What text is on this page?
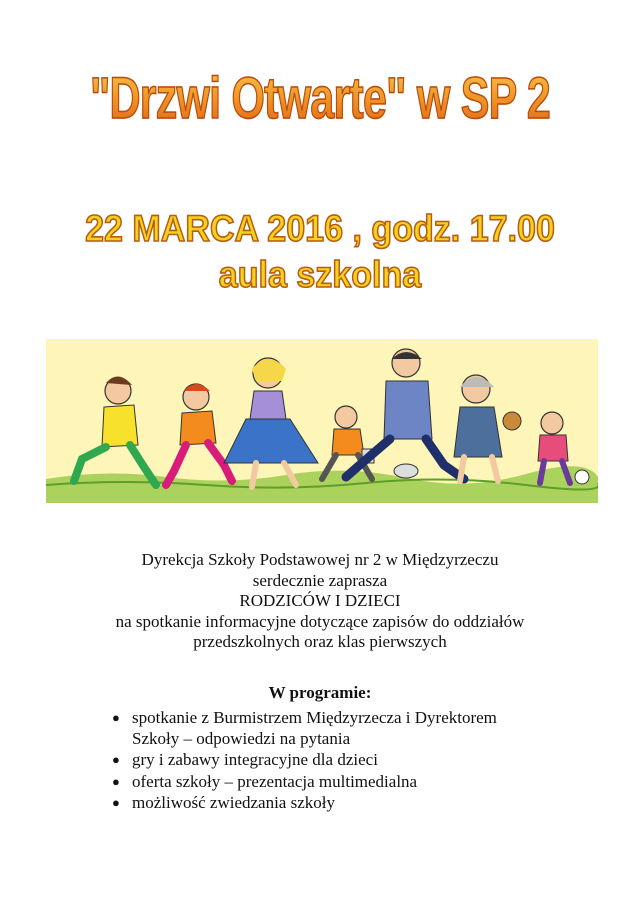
"Drzwi Otwarte" w SP 2
22 MARCA 2016 , godz. 17.00
aula szkolna
Dyrekcja Szkoły Podstawowej nr 2 w Międzyrzeczu
serdecznie zaprasza
RODZICÓW I DZIECI
na spotkanie informacyjne dotyczące zapisów do oddziałów
przedszkolnych oraz klas pierwszych
W programie:
● spotkanie z Burmistrzem Międzyrzecza i Dyrektorem
Szkoły – odpowiedzi na pytania
● gry i zabawy integracyjne dla dzieci
● oferta szkoły – prezentacja multimedialna
● możliwość zwiedzania szkoły
